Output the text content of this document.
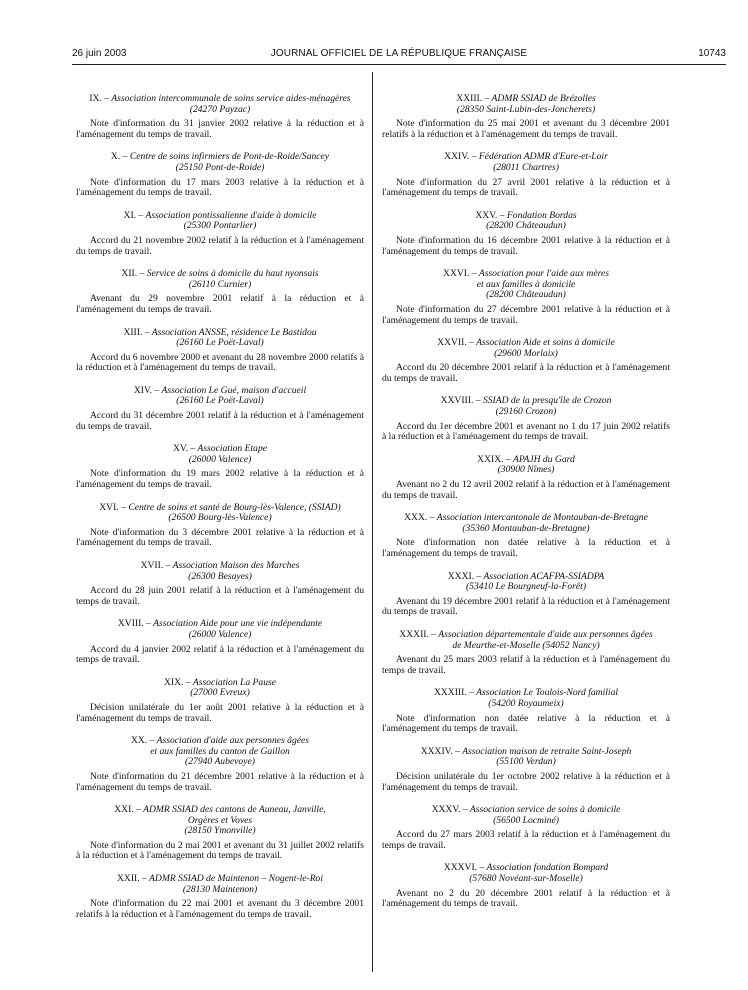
26 juin 2003	JOURNAL OFFICIEL DE LA RÉPUBLIQUE FRANÇAISE	10743
IX. – Association intercommunale de soins service aides-ménagères
(24270 Payzac)
Note d'information du 31 janvier 2002 relative à la réduction et à l'aménagement du temps de travail.
X. – Centre de soins infirmiers de Pont-de-Roide/Sancey
(25150 Pont-de-Roide)
Note d'information du 17 mars 2003 relative à la réduction et à l'aménagement du temps de travail.
XI. – Association pontissalienne d'aide à domicile
(25300 Pontarlier)
Accord du 21 novembre 2002 relatif à la réduction et à l'aménagement du temps de travail.
XII. – Service de soins à domicile du haut nyonsais
(26110 Curnier)
Avenant du 29 novembre 2001 relatif à la réduction et à l'aménagement du temps de travail.
XIII. – Association ANSSE, résidence Le Bastidou
(26160 Le Poët-Laval)
Accord du 6 novembre 2000 et avenant du 28 novembre 2000 relatifs à la réduction et à l'aménagement du temps de travail.
XIV. – Association Le Gué, maison d'accueil
(26160 Le Poët-Laval)
Accord du 31 décembre 2001 relatif à la réduction et à l'aménagement du temps de travail.
XV. – Association Etape
(26000 Valence)
Note d'information du 19 mars 2002 relative à la réduction et à l'aménagement du temps de travail.
XVI. – Centre de soins et santé de Bourg-lès-Valence, (SSIAD)
(26500 Bourg-lès-Valence)
Note d'information du 3 décembre 2001 relative à la réduction et à l'aménagement du temps de travail.
XVII. – Association Maison des Marches
(26300 Besayes)
Accord du 28 juin 2001 relatif à la réduction et à l'aménagement du temps de travail.
XVIII. – Association Aide pour une vie indépendante
(26000 Valence)
Accord du 4 janvier 2002 relatif à la réduction et à l'aménagement du temps de travail.
XIX. – Association La Pause
(27000 Evreux)
Décision unilatérale du 1er août 2001 relative à la réduction et à l'aménagement du temps de travail.
XX. – Association d'aide aux personnes âgées
et aux familles du canton de Gaillon
(27940 Aubevoye)
Note d'information du 21 décembre 2001 relative à la réduction et à l'aménagement du temps de travail.
XXI. – ADMR SSIAD des cantons de Auneau, Janville,
Orgères et Voves
(28150 Ymonville)
Note d'information du 2 mai 2001 et avenant du 31 juillet 2002 relatifs à la réduction et à l'aménagement du temps de travail.
XXII. – ADMR SSIAD de Maintenon – Nogent-le-Roi
(28130 Maintenon)
Note d'information du 22 mai 2001 et avenant du 3 décembre 2001 relatifs à la réduction et à l'aménagement du temps de travail.
XXIII. – ADMR SSIAD de Brézolles
(28350 Saint-Lubin-des-Joncherets)
Note d'information du 25 mai 2001 et avenant du 3 décembre 2001 relatifs à la réduction et à l'aménagement du temps de travail.
XXIV. – Fédération ADMR d'Eure-et-Loir
(28011 Chartres)
Note d'information du 27 avril 2001 relative à la réduction et à l'aménagement du temps de travail.
XXV. – Fondation Bordas
(28200 Châteaudun)
Note d'information du 16 décembre 2001 relative à la réduction et à l'aménagement du temps de travail.
XXVI. – Association pour l'aide aux mères
et aux familles à domicile
(28200 Châteaudun)
Note d'information du 27 décembre 2001 relative à la réduction et à l'aménagement du temps de travail.
XXVII. – Association Aide et soins à domicile
(29600 Morlaix)
Accord du 20 décembre 2001 relatif à la réduction et à l'aménagement du temps de travail.
XXVIII. – SSIAD de la presqu'île de Crozon
(29160 Crozon)
Accord du 1er décembre 2001 et avenant no 1 du 17 juin 2002 relatifs à la réduction et à l'aménagement du temps de travail.
XXIX. – APAJH du Gard
(30900 Nîmes)
Avenant no 2 du 12 avril 2002 relatif à la réduction et à l'aménagement du temps de travail.
XXX. – Association intercantonale de Montauban-de-Bretagne
(35360 Montauban-de-Bretagne)
Note d'information non datée relative à la réduction et à l'aménagement du temps de travail.
XXXI. – Association ACAFPA-SSIADPA
(53410 Le Bourgneuf-la-Forêt)
Avenant du 19 décembre 2001 relatif à la réduction et à l'aménagement du temps de travail.
XXXII. – Association départementale d'aide aux personnes âgées
de Meurthe-et-Moselle (54052 Nancy)
Avenant du 25 mars 2003 relatif à la réduction et à l'aménagement du temps de travail.
XXXIII. – Association Le Toulois-Nord familial
(54200 Royaumeix)
Note d'information non datée relative à la réduction et à l'aménagement du temps de travail.
XXXIV. – Association maison de retraite Saint-Joseph
(55100 Verdun)
Décision unilatérale du 1er octobre 2002 relative à la réduction et à l'aménagement du temps de travail.
XXXV. – Association service de soins à domicile
(56500 Locminé)
Accord du 27 mars 2003 relatif à la réduction et à l'aménagement du temps de travail.
XXXVI. – Association fondation Bompard
(57680 Novéant-sur-Moselle)
Avenant no 2 du 20 décembre 2001 relatif à la réduction et à l'aménagement du temps de travail.
